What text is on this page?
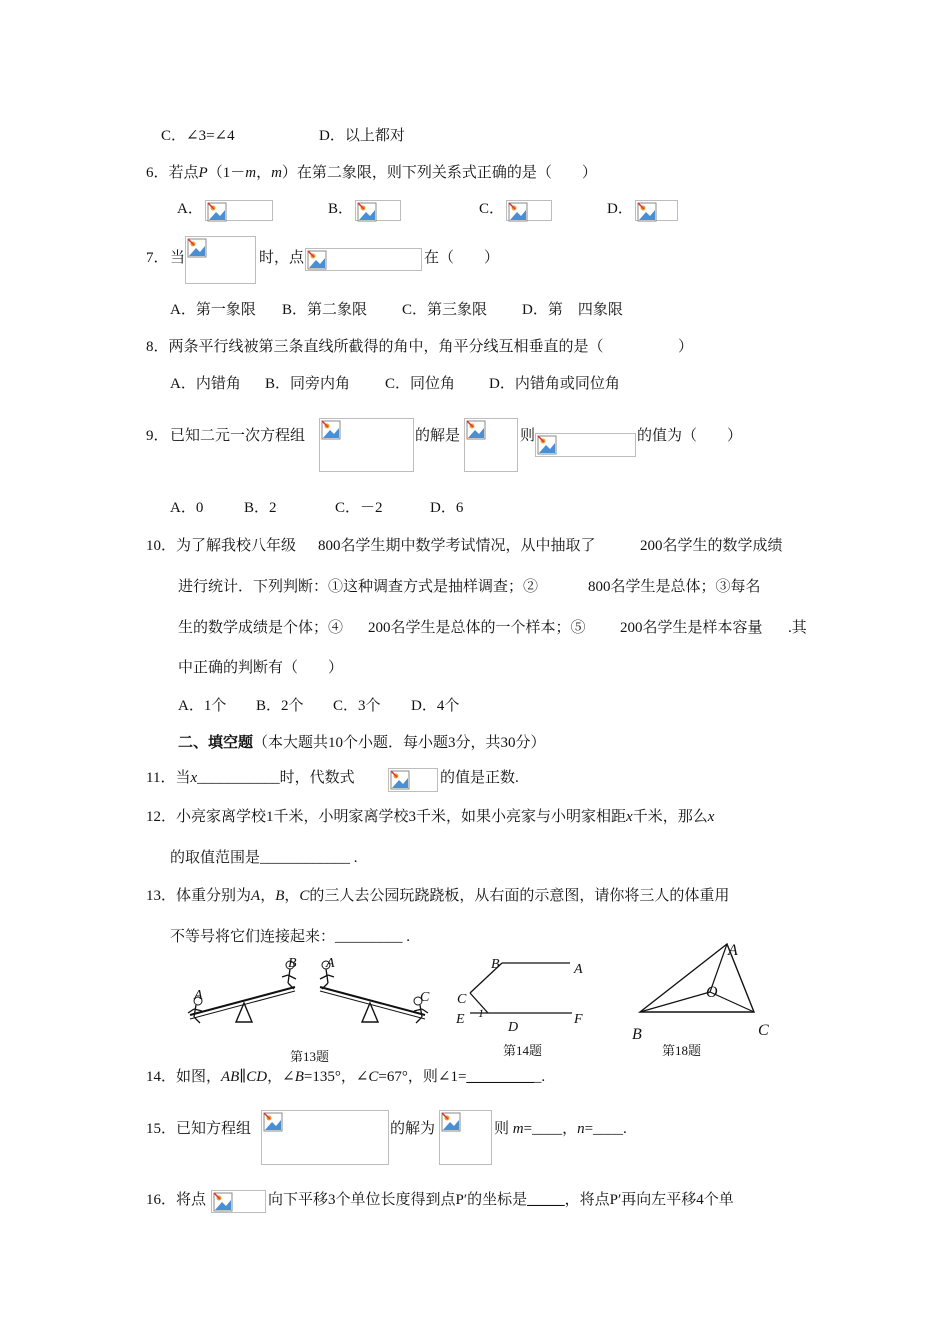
C．∠3=∠4	D．以上都对
6．若点P（1－m，m）在第二象限，则下列关系式正确的是（　　）
A．	B．	C．	D．
7． 当	时，点	在（　　）
A．第一象限 B．第二象限 C．第三象限 D．第　四象限
8．两条平行线被第三条直线所截得的角中，角平分线互相垂直的是（	）
A．内错角 B．同旁内角 C．同位角 D．内错角或同位角
9． 已知二元一次方程组	的解是	则	的值为（　　）
A．0	B．2	C．－2	D．6
10．为了解我校八年级 800名学生期中数学考试情况，从中抽取了	200名学生的数学成绩
进行统计．下列判断：①这种调查方式是抽样调查；②	800名学生是总体；③每名
生的数学成绩是个体；④ 200名学生是总体的一个样本；⑤ 200名学生是样本容量 .其
中正确的判断有（　　）
A．1个 B．2个 C．3个 D．4个
二、填空题（本大题共10个小题．每小题3分，共30分）
11．当x___________时，代数式	的值是正数.
12．小亮家离学校1千米，小明家离学校3千米，如果小亮家与小明家相距x千米，那么x
的取值范围是____________ .
13．体重分别为A，B，C的三人去公园玩跷跷板，从右面的示意图，请你将三人的体重用
不等号将它们连接起来：_________ .
A
B A
C
第13题
B	A
C
E 1
D
F
第14题
A
O
B	C
第18题
14．如图，AB∥CD，∠B=135°，∠C=67°，则∠1=__________.
15．已知方程组	的解为	则 m=____，n=____.
16．将点	向下平移3个单位长度得到点P′的坐标是_____，将点P′再向左平移4个单
